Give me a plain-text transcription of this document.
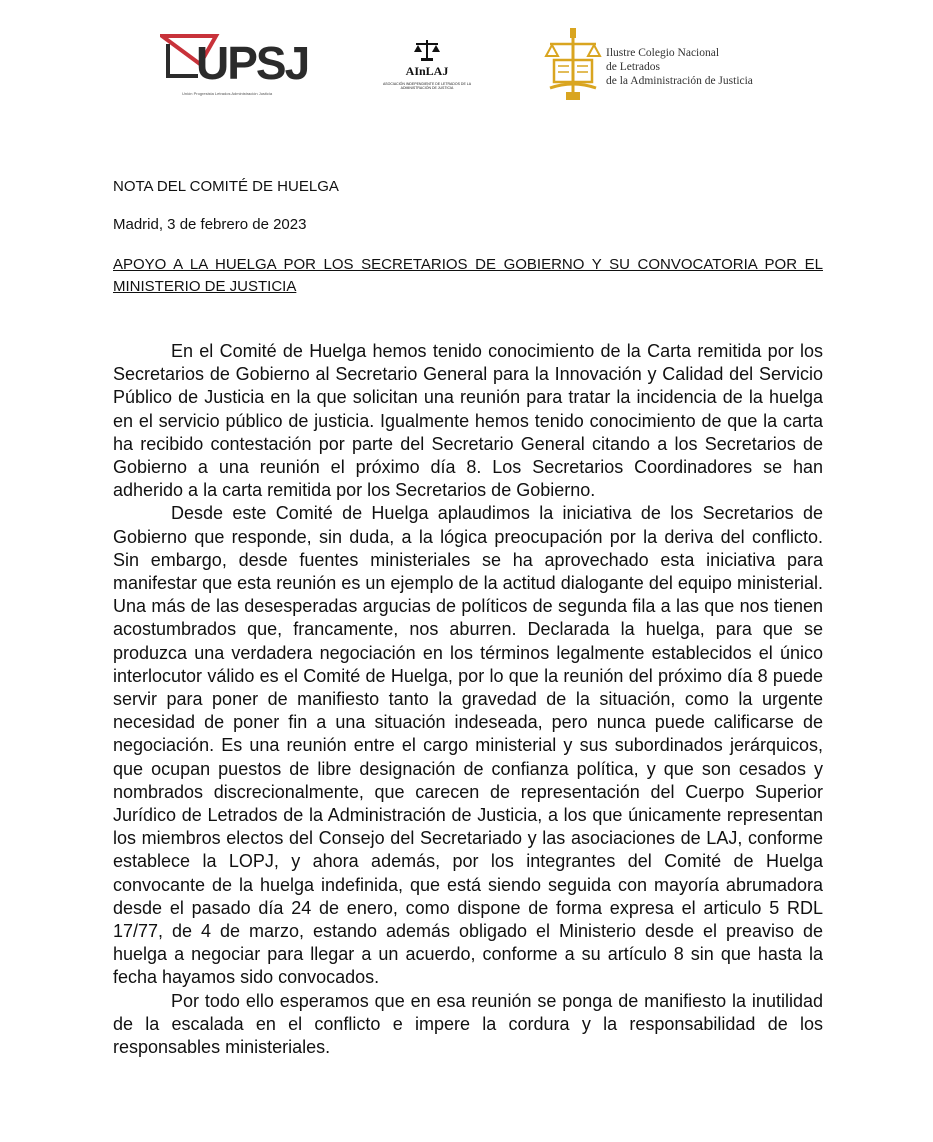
UPSJ
Unión Progresista Letrados Administración Justicia
AInLAJ
ASOCIACIÓN INDEPENDIENTE DE LETRADOS DE LA ADMINISTRACIÓN DE JUSTICIA
Ilustre Colegio Nacional
de Letrados
de la Administración de Justicia
NOTA DEL COMITÉ DE HUELGA
Madrid, 3 de febrero de 2023
APOYO A LA HUELGA POR LOS SECRETARIOS DE GOBIERNO Y SU CONVOCATORIA POR EL MINISTERIO DE JUSTICIA

En el Comité de Huelga hemos tenido conocimiento de la Carta remitida por los Secretarios de Gobierno al Secretario General para la Innovación y Calidad del Servicio Público de Justicia en la que solicitan una reunión para tratar la incidencia de la huelga en el servicio público de justicia. Igualmente hemos tenido conocimiento de que la carta ha recibido contestación por parte del Secretario General citando a los Secretarios de Gobierno a una reunión el próximo día 8. Los Secretarios Coordinadores se han adherido a la carta remitida por los Secretarios de Gobierno.

Desde este Comité de Huelga aplaudimos la iniciativa de los Secretarios de Gobierno que responde, sin duda, a la lógica preocupación por la deriva del conflicto. Sin embargo, desde fuentes ministeriales se ha aprovechado esta iniciativa para manifestar que esta reunión es un ejemplo de la actitud dialogante del equipo ministerial. Una más de las desesperadas argucias de políticos de segunda fila a las que nos tienen acostumbrados que, francamente, nos aburren. Declarada la huelga, para que se produzca una verdadera negociación en los términos legalmente establecidos el único interlocutor válido es el Comité de Huelga, por lo que la reunión del próximo día 8 puede servir para poner de manifiesto tanto la gravedad de la situación, como la urgente necesidad de poner fin a una situación indeseada, pero nunca puede calificarse de negociación. Es una reunión entre el cargo ministerial y sus subordinados jerárquicos, que ocupan puestos de libre designación de confianza política, y que son cesados y nombrados discrecionalmente, que carecen de representación del Cuerpo Superior Jurídico de Letrados de la Administración de Justicia, a los que únicamente representan los miembros electos del Consejo del Secretariado y las asociaciones de LAJ, conforme establece la LOPJ, y ahora además, por los integrantes del Comité de Huelga convocante de la huelga indefinida, que está siendo seguida con mayoría abrumadora desde el pasado día 24 de enero, como dispone de forma expresa el articulo 5 RDL 17/77, de 4 de marzo, estando además obligado el Ministerio desde el preaviso de huelga a negociar para llegar a un acuerdo, conforme a su artículo 8 sin que hasta la fecha hayamos sido convocados.

Por todo ello esperamos que en esa reunión se ponga de manifiesto la inutilidad de la escalada en el conflicto e impere la cordura y la responsabilidad de los responsables ministeriales.
